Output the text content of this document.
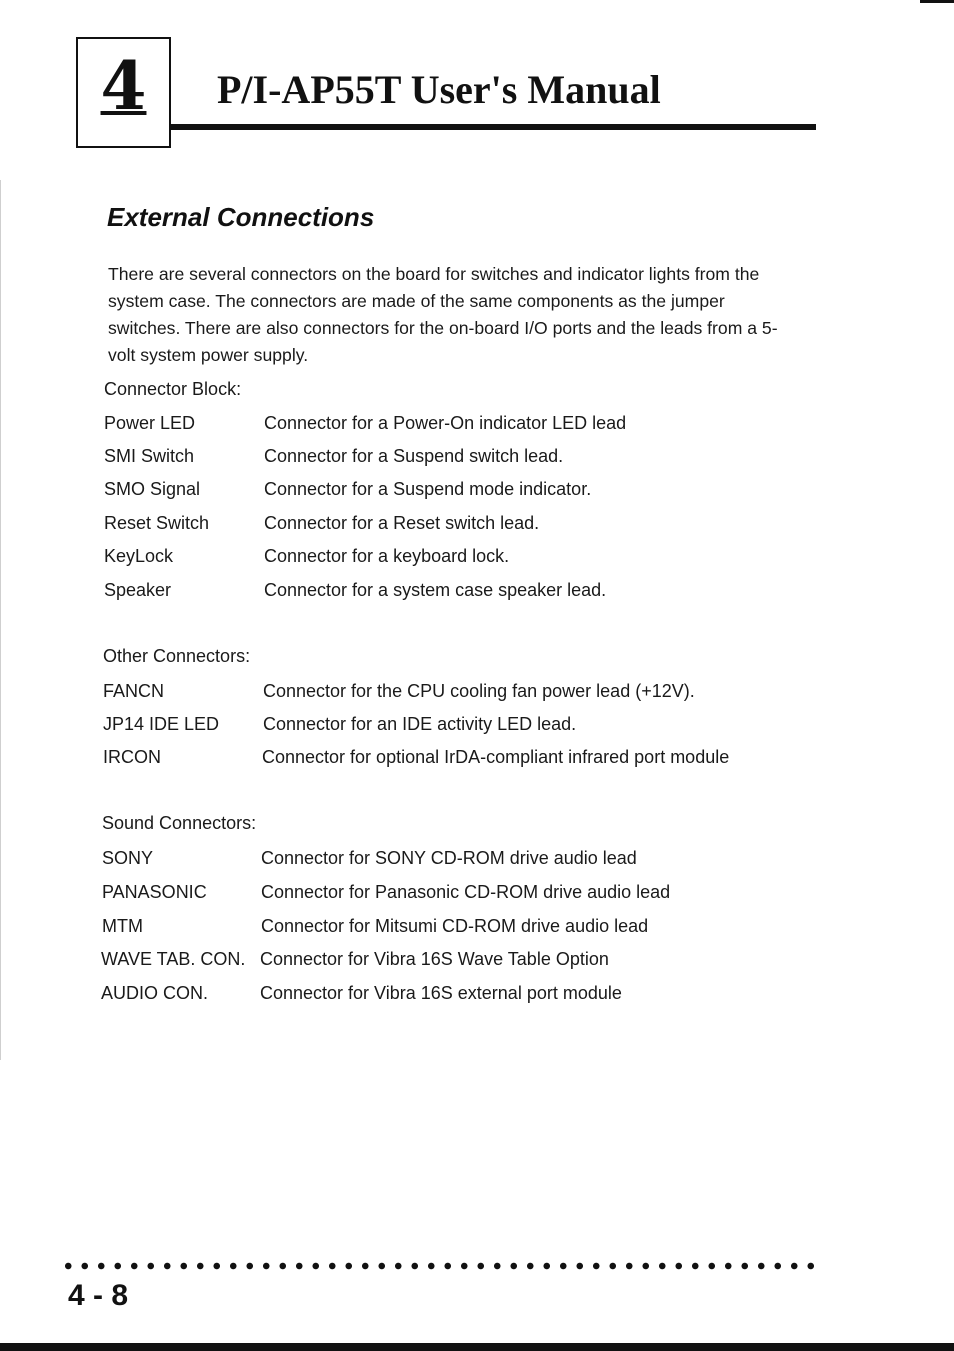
4	P/I-AP55T User's Manual
External Connections
There are several connectors on the board for switches and indicator lights from the system case. The connectors are made of the same components as the jumper switches. There are also connectors for the on-board I/O ports and the leads from a 5-volt system power supply.
Connector Block:
Power LED	Connector for a Power-On indicator LED lead
SMI Switch	Connector for a Suspend switch lead.
SMO Signal	Connector for a Suspend mode indicator.
Reset Switch	Connector for a Reset switch lead.
KeyLock	Connector for a keyboard lock.
Speaker	Connector for a system case speaker lead.
Other Connectors:
FANCN	Connector for the CPU cooling fan power lead (+12V).
JP14 IDE LED Connector for an IDE activity LED lead.
IRCON	Connector for optional IrDA-compliant infrared port module
Sound Connectors:
SONY	Connector for SONY CD-ROM drive audio lead
PANASONIC	Connector for Panasonic CD-ROM drive audio lead
MTM	Connector for Mitsumi CD-ROM drive audio lead
WAVE TAB. CON. Connector for Vibra 16S Wave Table Option
AUDIO CON.	Connector for Vibra 16S external port module
4 - 8
